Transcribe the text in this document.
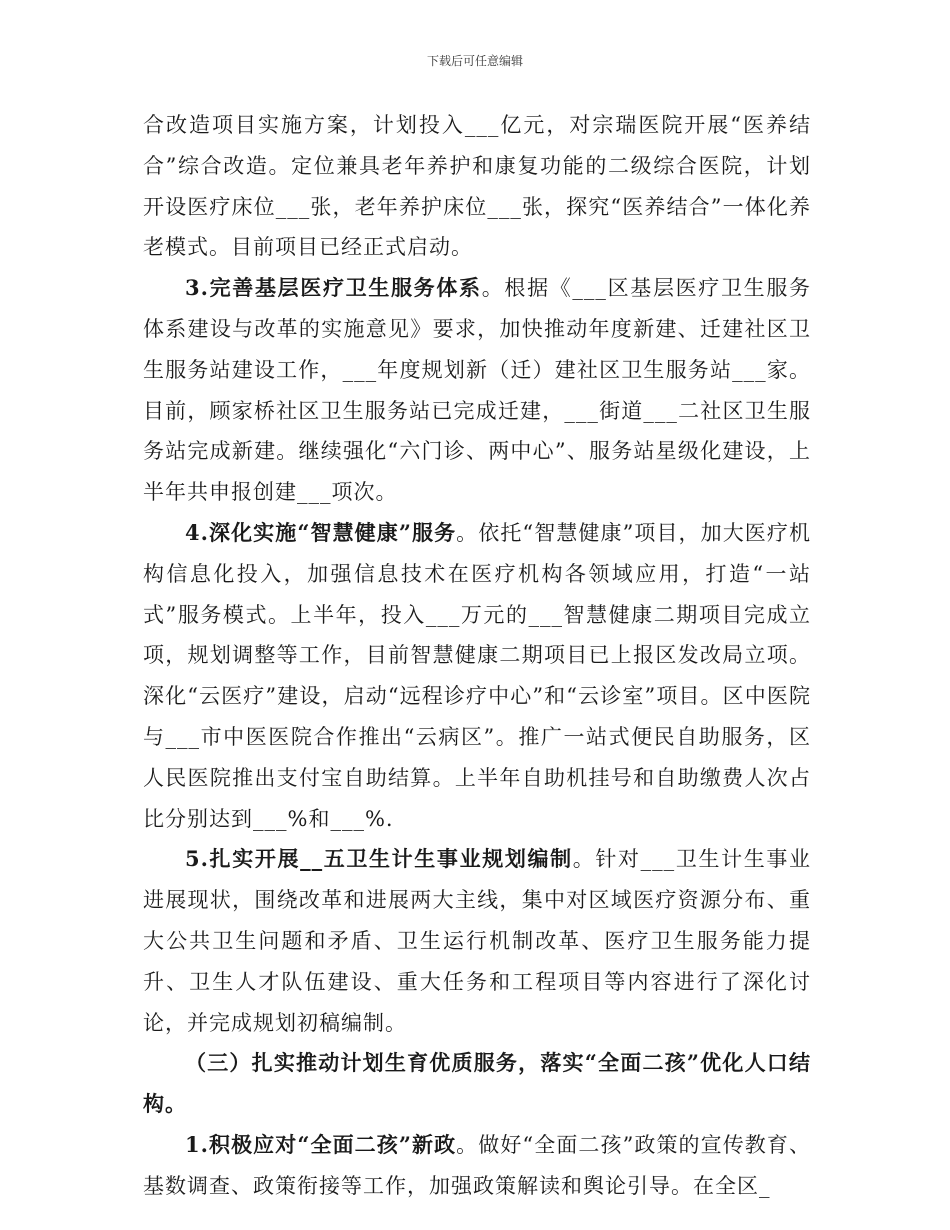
下载后可任意编辑

合改造项目实施方案，计划投入___亿元，对宗瑞医院开展“医养结合”综合改造。定位兼具老年养护和康复功能的二级综合医院，计划开设医疗床位___张，老年养护床位___张，探究“医养结合”一体化养老模式。目前项目已经正式启动。

3.完善基层医疗卫生服务体系。根据《___区基层医疗卫生服务体系建设与改革的实施意见》要求，加快推动年度新建、迁建社区卫生服务站建设工作，___年度规划新（迁）建社区卫生服务站___家。目前，顾家桥社区卫生服务站已完成迁建，___街道___二社区卫生服务站完成新建。继续强化“六门诊、两中心”、服务站星级化建设，上半年共申报创建___项次。

4.深化实施“智慧健康”服务。依托“智慧健康”项目，加大医疗机构信息化投入，加强信息技术在医疗机构各领域应用，打造“一站式”服务模式。上半年，投入___万元的___智慧健康二期项目完成立项，规划调整等工作，目前智慧健康二期项目已上报区发改局立项。深化“云医疗”建设，启动“远程诊疗中心”和“云诊室”项目。区中医院与___市中医医院合作推出“云病区”。推广一站式便民自助服务，区人民医院推出支付宝自助结算。上半年自助机挂号和自助缴费人次占比分别达到___%和___%.

5.扎实开展__五卫生计生事业规划编制。针对___卫生计生事业进展现状，围绕改革和进展两大主线，集中对区域医疗资源分布、重大公共卫生问题和矛盾、卫生运行机制改革、医疗卫生服务能力提升、卫生人才队伍建设、重大任务和工程项目等内容进行了深化讨论，并完成规划初稿编制。

（三）扎实推动计划生育优质服务，落实“全面二孩”优化人口结构。

1.积极应对“全面二孩”新政。做好“全面二孩”政策的宣传教育、基数调查、政策衔接等工作，加强政策解读和舆论引导。在全区_
